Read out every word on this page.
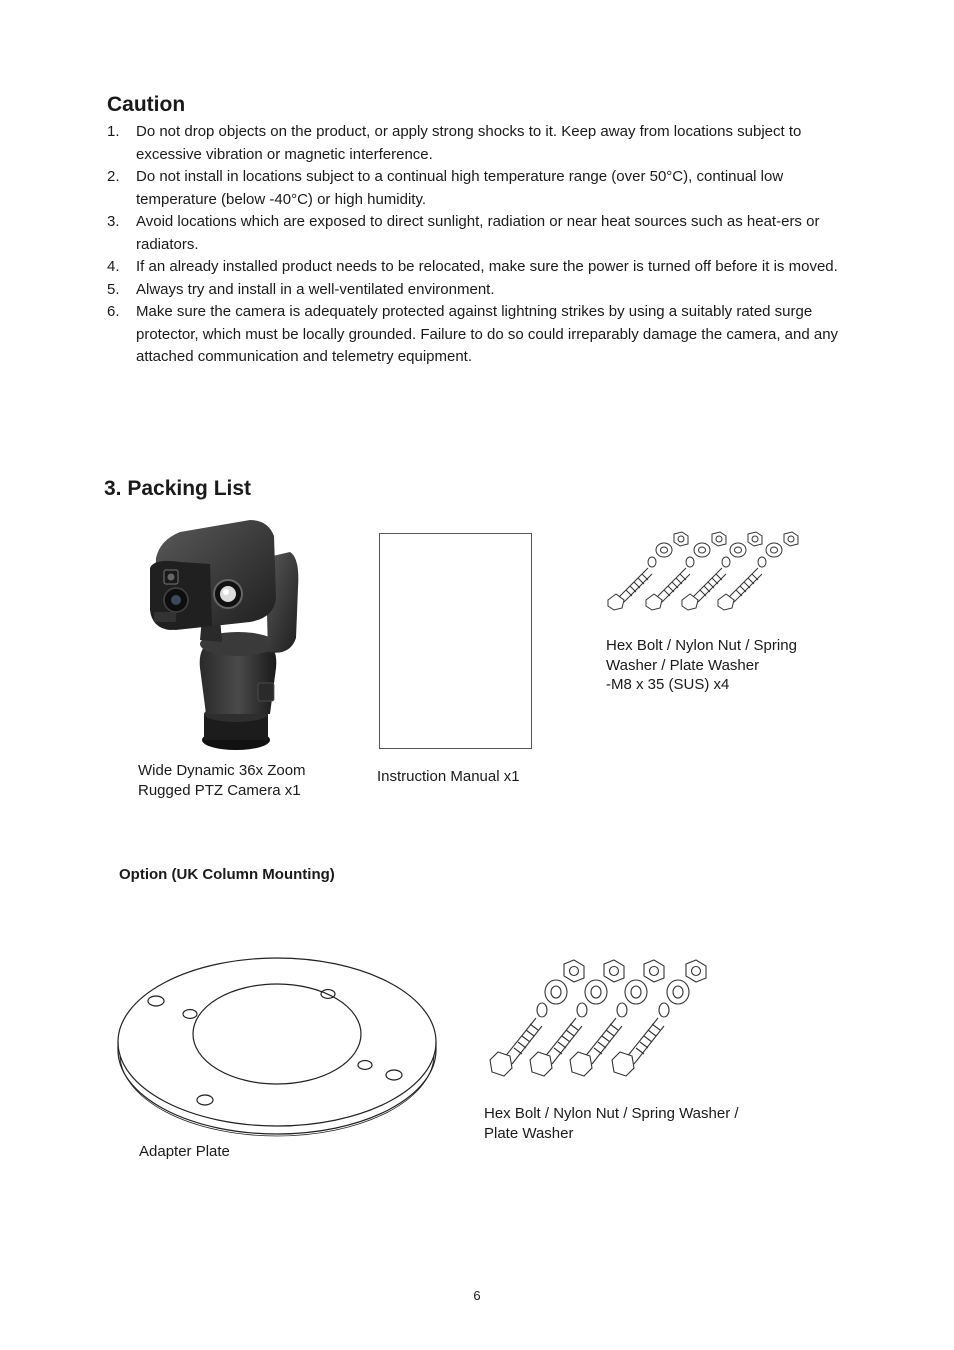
Caution
1. Do not drop objects on the product, or apply strong shocks to it. Keep away from locations subject to excessive vibration or magnetic interference.
2. Do not install in locations subject to a continual high temperature range (over 50°C), continual low temperature (below -40°C) or high humidity.
3. Avoid locations which are exposed to direct sunlight, radiation or near heat sources such as heat-ers or radiators.
4. If an already installed product needs to be relocated, make sure the power is turned off before it is moved.
5. Always try and install in a well-ventilated environment.
6. Make sure the camera is adequately protected against lightning strikes by using a suitably rated surge protector, which must be locally grounded. Failure to do so could irreparably damage the camera, and any attached communication and telemetry equipment.
3. Packing List
Wide Dynamic 36x Zoom
Rugged PTZ Camera x1
Instruction Manual x1
Hex Bolt / Nylon Nut / Spring
Washer / Plate Washer
-M8 x 35 (SUS) x4
Option (UK Column Mounting)
Adapter Plate
Hex Bolt / Nylon Nut / Spring Washer /
Plate Washer
6
